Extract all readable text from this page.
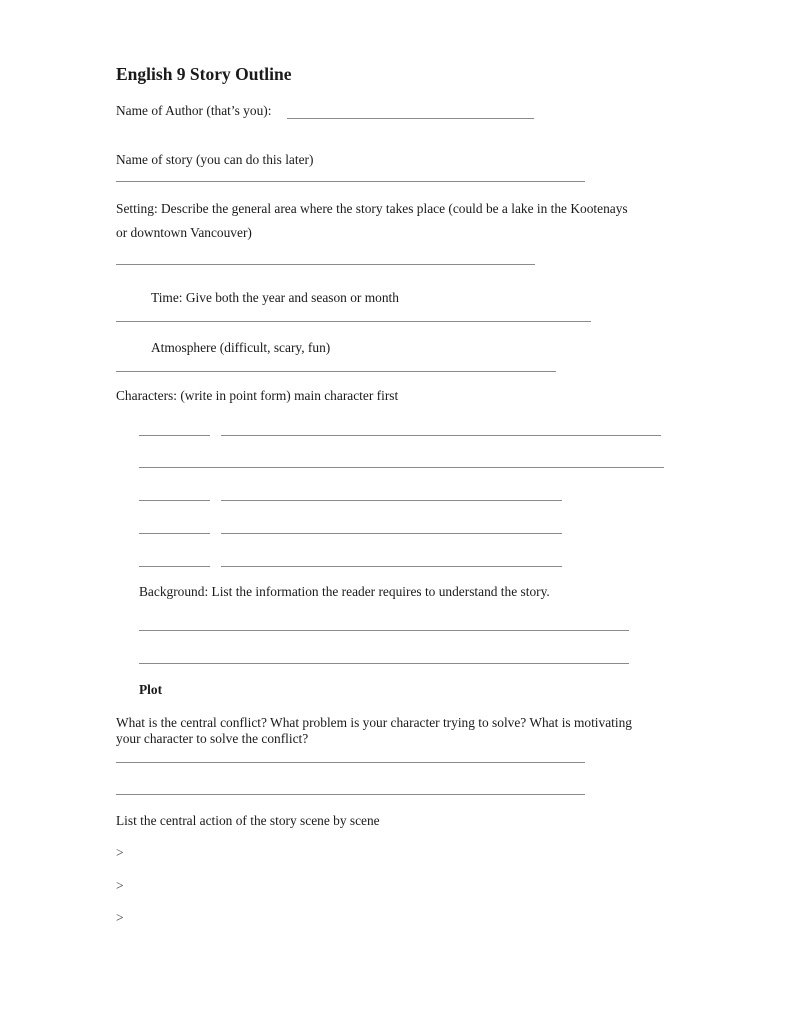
English 9 Story Outline
Name of Author (that’s you):
Name of story (you can do this later)
Setting: Describe the general area where the story takes place (could be a lake in the Kootenays
or downtown Vancouver)
Time: Give both the year and season or month
Atmosphere (difficult, scary, fun)
Characters: (write in point form) main character first
Background: List the information the reader requires to understand the story.
Plot
What is the central conflict? What problem is your character trying to solve? What is motivating
your character to solve the conflict?
List the central action of the story scene by scene
>
>
>
